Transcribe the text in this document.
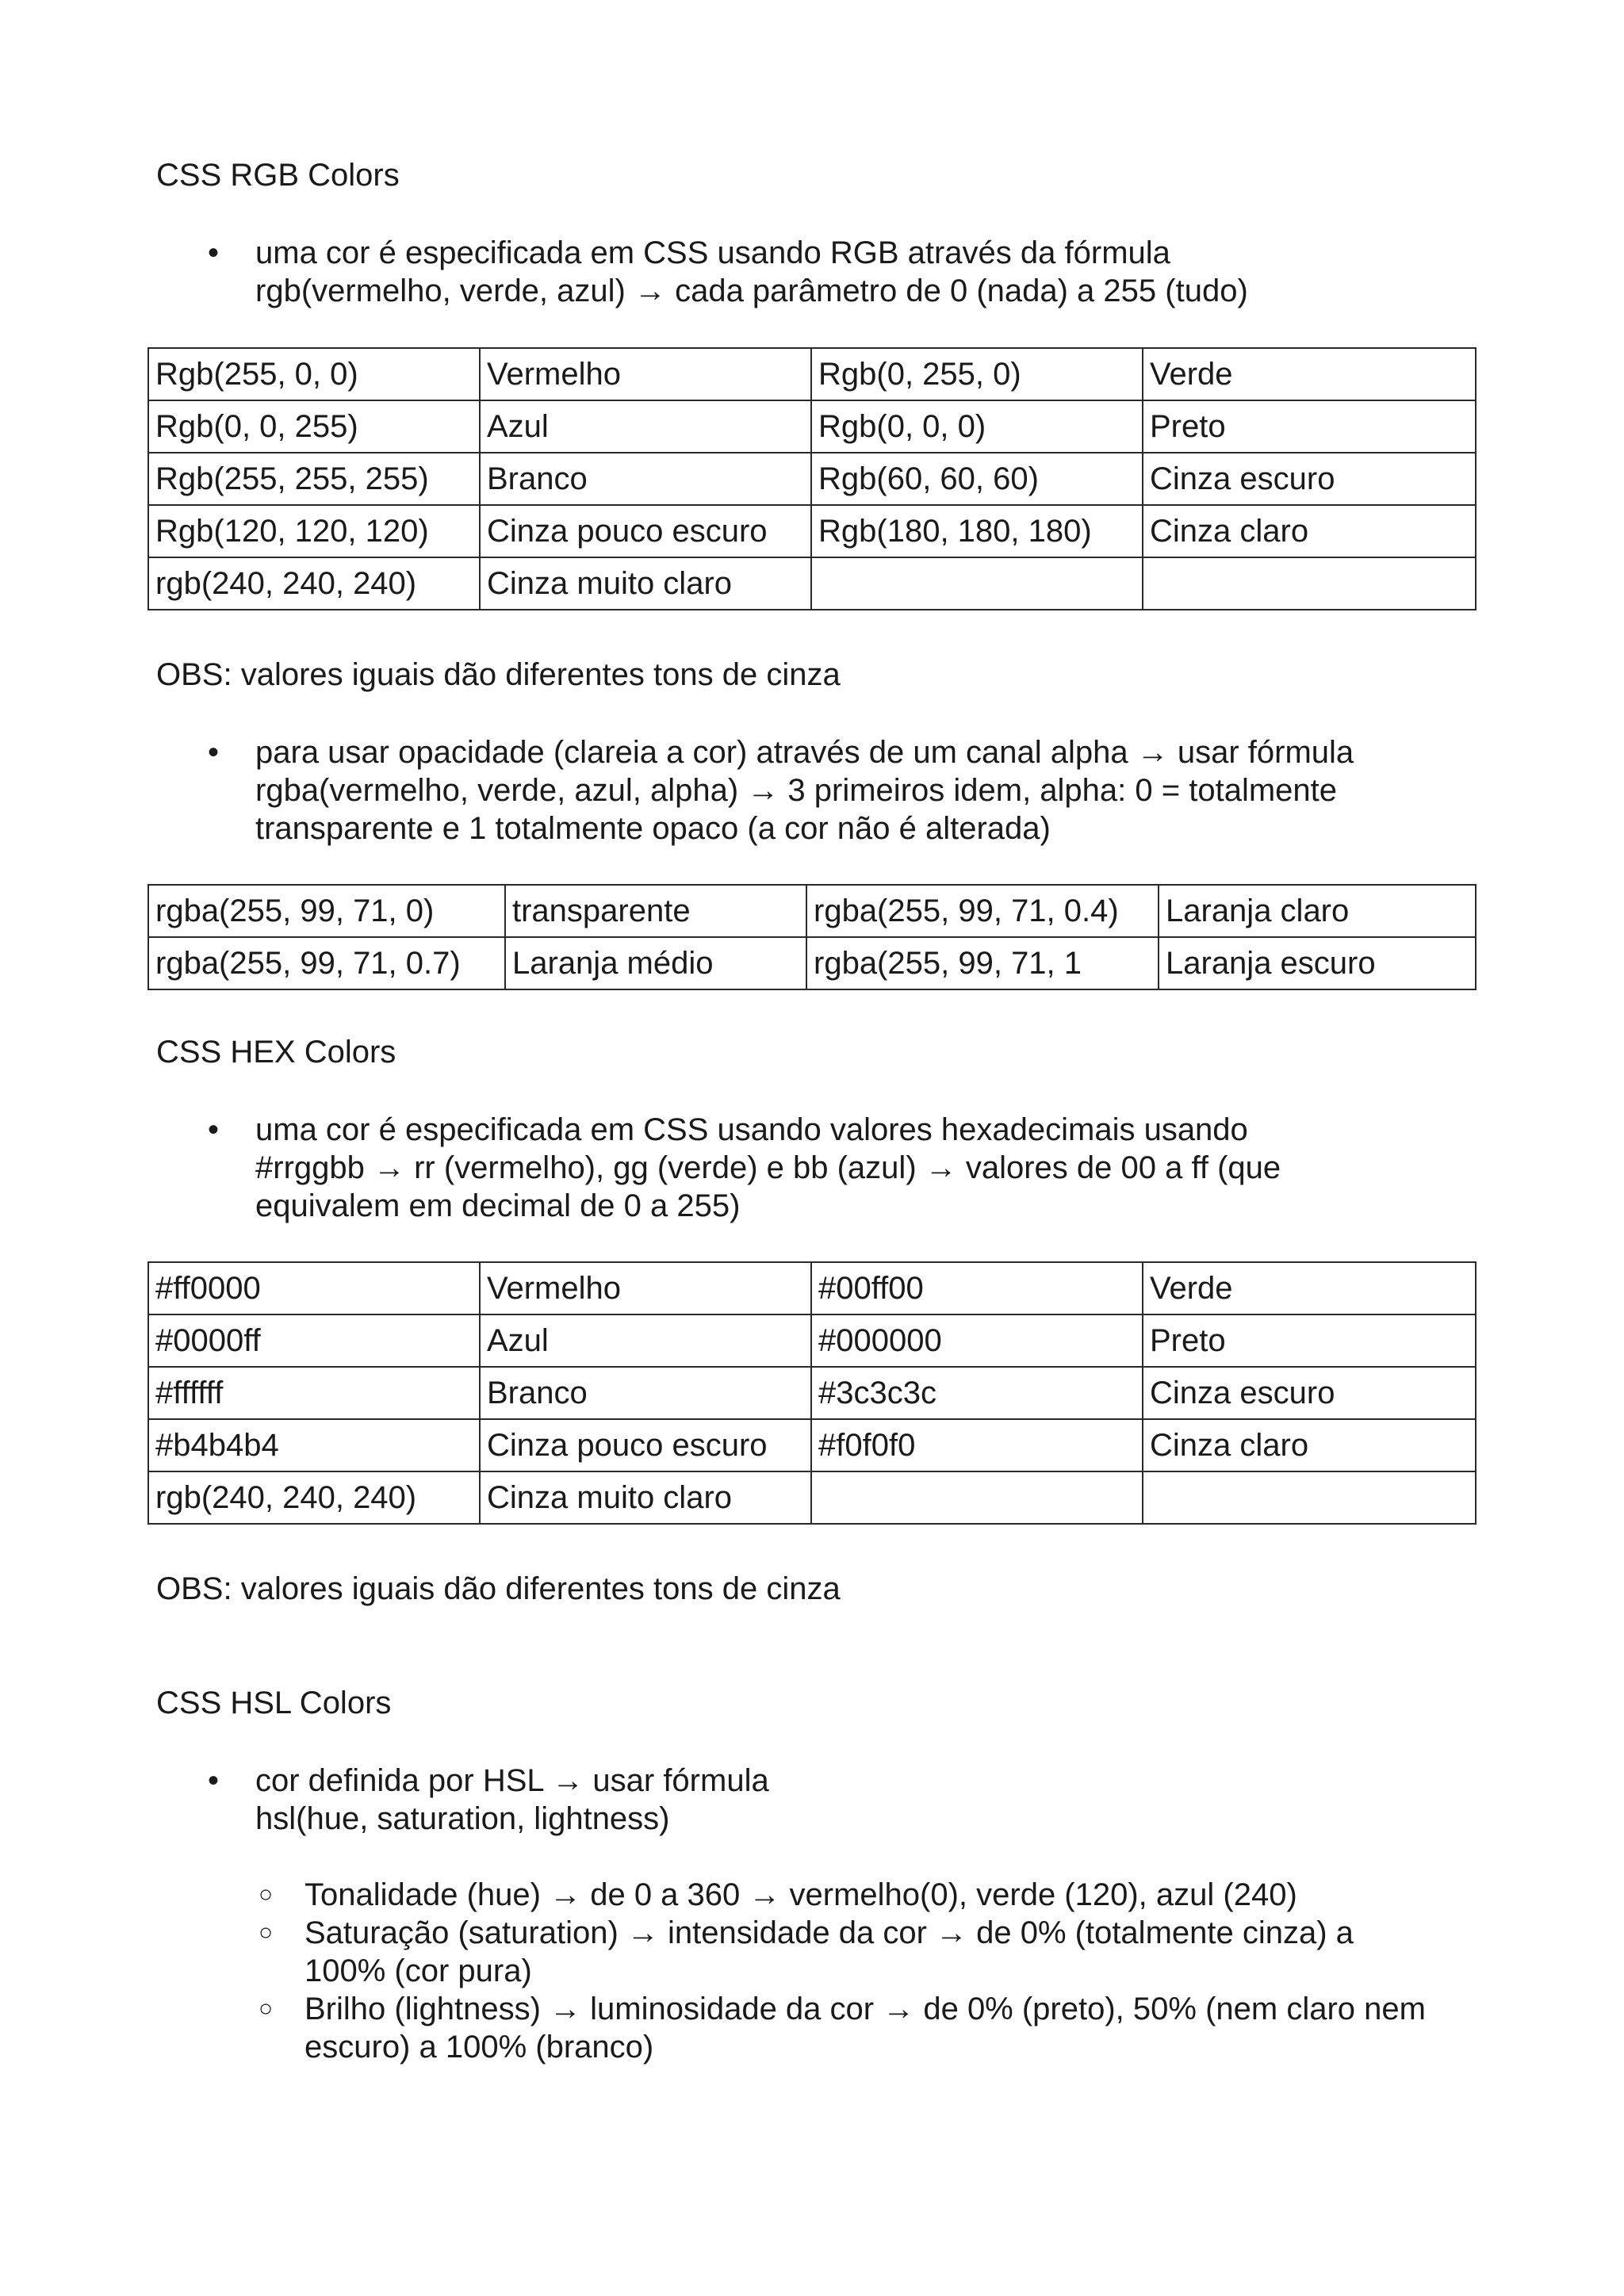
CSS RGB Colors

• uma cor é especificada em CSS usando RGB através da fórmula
rgb(vermelho, verde, azul) → cada parâmetro de 0 (nada) a 255 (tudo)
Rgb(255, 0, 0)	Vermelho	Rgb(0, 255, 0)	Verde
Rgb(0, 0, 255)	Azul	Rgb(0, 0, 0)	Preto
Rgb(255, 255, 255)	Branco	Rgb(60, 60, 60)	Cinza escuro
Rgb(120, 120, 120)	Cinza pouco escuro	Rgb(180, 180, 180)	Cinza claro
rgb(240, 240, 240)	Cinza muito claro		

OBS: valores iguais dão diferentes tons de cinza

• para usar opacidade (clareia a cor) através de um canal alpha → usar fórmula
rgba(vermelho, verde, azul, alpha) → 3 primeiros idem, alpha: 0 = totalmente
transparente e 1 totalmente opaco (a cor não é alterada)
rgba(255, 99, 71, 0)	transparente	rgba(255, 99, 71, 0.4)	Laranja claro
rgba(255, 99, 71, 0.7)	Laranja médio	rgba(255, 99, 71, 1	Laranja escuro

CSS HEX Colors

• uma cor é especificada em CSS usando valores hexadecimais usando
#rrggbb → rr (vermelho), gg (verde) e bb (azul) → valores de 00 a ff (que
equivalem em decimal de 0 a 255)
#ff0000	Vermelho	#00ff00	Verde
#0000ff	Azul	#000000	Preto
#ffffff	Branco	#3c3c3c	Cinza escuro
#b4b4b4	Cinza pouco escuro	#f0f0f0	Cinza claro
rgb(240, 240, 240)	Cinza muito claro		

OBS: valores iguais dão diferentes tons de cinza

CSS HSL Colors

• cor definida por HSL → usar fórmula
hsl(hue, saturation, lightness)
○ Tonalidade (hue) → de 0 a 360 → vermelho(0), verde (120), azul (240)
○ Saturação (saturation) → intensidade da cor → de 0% (totalmente cinza) a
100% (cor pura)
○ Brilho (lightness) → luminosidade da cor → de 0% (preto), 50% (nem claro nem
escuro) a 100% (branco)
